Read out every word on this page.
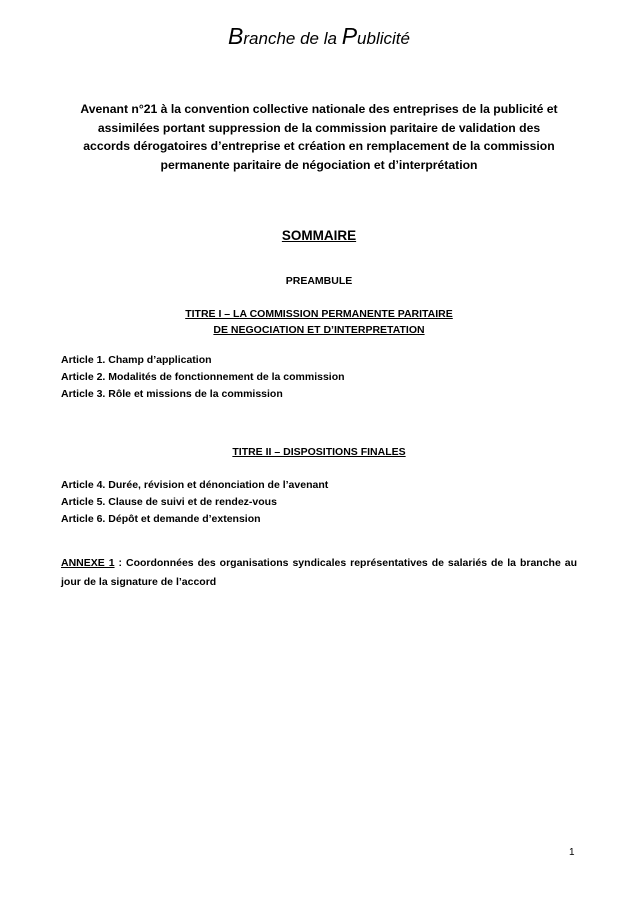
Branche de la Publicité
Avenant n°21 à la convention collective nationale des entreprises de la publicité et
assimilées portant suppression de la commission paritaire de validation des
accords dérogatoires d’entreprise et création en remplacement de la commission
permanente paritaire de négociation et d’interprétation
SOMMAIRE
PREAMBULE
TITRE I – LA COMMISSION PERMANENTE PARITAIRE
DE NEGOCIATION ET D’INTERPRETATION
Article 1. Champ d’application
Article 2. Modalités de fonctionnement de la commission
Article 3. Rôle et missions de la commission
TITRE II – DISPOSITIONS FINALES
Article 4. Durée, révision et dénonciation de l’avenant
Article 5. Clause de suivi et de rendez-vous
Article 6. Dépôt et demande d’extension
ANNEXE 1 : Coordonnées des organisations syndicales représentatives de salariés de la branche au jour de la signature de l’accord
1
